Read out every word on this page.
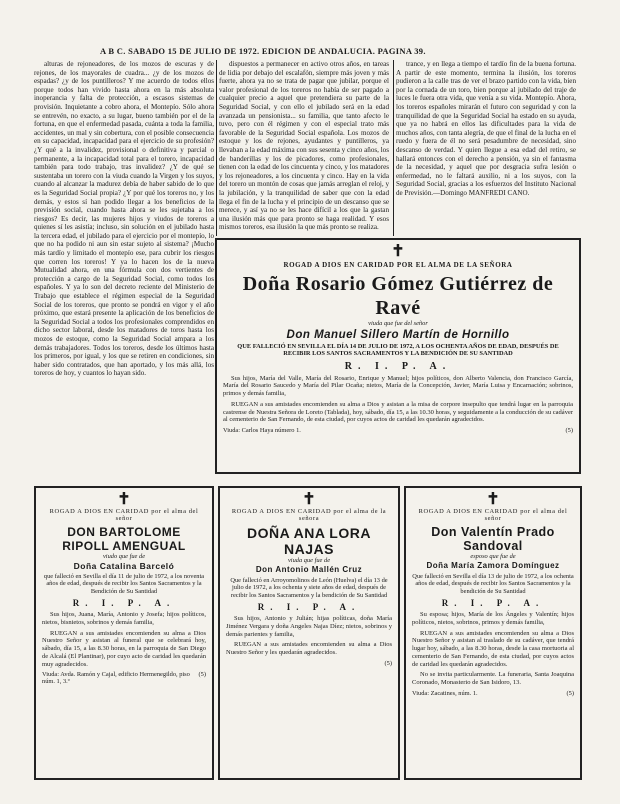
A B C. SABADO 15 DE JULIO DE 1972. EDICION DE ANDALUCIA. PAGINA 39.

alturas de rejoneadores, de los mozos de escuras y de rejones, de los mayorales de cuadra... ¿y de los mozos de espadas? ¿y de los puntilleros? Y me acuerdo de todos ellos porque todos han vivido hasta ahora en la más absoluta inoperancia y falta de protección, a escasos sistemas de provisión. Inquietante a cobro ahora, el Montepío. Sólo ahora se entrevén, no exacto, a su lugar, bueno también por el de la fortuna, en que el enfermedad pasada, cuánta a toda la familia, accidentes, un mal y sin cobertura, con el posible consecuencia en su capacidad, incapacidad para el ejercicio de su profesión? ¿Y qué a la invalidez, provisional o definitiva y parcial o permanente, a la incapacidad total para el torero, incapacidad también para todo trabajo, tras invalidez? ¿Y de qué se sustentaba un torero con la viuda cuando la Virgen y los suyos, cuando al alcanzar la madurez debía de haber sabido de lo que es la Seguridad Social propia? ¿Y por qué los toreros no, y los demás, y estos sí han podido llegar a los beneficios de la previsión social, cuando hasta ahora se les sujetaba a los riesgos? Es decir, las mujeres hijos y viudos de toreros a quienes sí les asistía; incluso, sin solución en el jubilado hasta la tercera edad, el jubilado para el ejercicio por el montepío, lo que no ha podido ni aun sin estar sujeto al sistema? ¡Mucho más tardío y limitado el montepío ese, para cubrir los riesgos que corren los toreros! Y ya lo hacen los de la nueva Mutualidad ahora, en una fórmula con dos vertientes de protección a cargo de la Seguridad Social, como todos los españoles. Y ya lo son del decreto reciente del Ministerio de Trabajo que establece el régimen especial de la Seguridad Social de los toreros, que pronto se pondrá en vigor y el año próximo, que estará presente la aplicación de los beneficios de la Seguridad Social a todos los profesionales comprendidos en dicho sector laboral, desde los matadores de toros hasta los mozos de estoque, como la Seguridad Social ampara a los demás trabajadores. Todos los toreros, desde los últimos hasta los primeros, por igual, y los que se retiren en condiciones, sin haber sido contratados, que han aportado, y los más allá, los toreros de hoy, y cuantos lo hayan sido.

dispuestos a permanecer en activo otros años, en tareas de lidia por debajo del escalafón, siempre más joven y más fuerte, ahora ya no se trata de pagar que jubilar, porque el valor profesional de los toreros no había de ser pagado a cualquier precio a aquel que pretendiera su parte de la Seguridad Social, y con ello el jubilado será en la edad avanzada un pensionista... su familia, que tanto afecto le tuvo, pero con él régimen y con el especial trato más favorable de la Seguridad Social española. Los mozos de estoque y los de rejones, ayudantes y puntilleros, ya llevaban a la edad máxima con sus sesenta y cinco años, los de banderillas y los de picadores, como profesionales, tienen con la edad de los cincuenta y cinco, y los matadores y los rejoneadores, a los cincuenta y cinco. Hay en la vida del torero un montón de cosas que jamás arreglan el reloj, y la jubilación, y la tranquilidad de saber que con la edad llega el fin de la lucha y el principio de un descanso que se merece, y así ya no se les hace difícil a los que la gastan una ilusión más que para pronto se haga realidad. Y esos mismos toreros, esa ilusión la que más pronto se realiza.

trance, y en llega a tiempo el tardío fin de la buena fortuna. A partir de este momento, termina la ilusión, los toreros pudieron a la calle tras de ver el brazo partido con la vida, bien por la cornada de un toro, bien porque al jubilado del traje de luces le fuera otra vida, que venía a su vida. Montepío. Ahora, los toreros españoles mirarán el futuro con seguridad y con la tranquilidad de que la Seguridad Social ha estado en su ayuda, que ya no habrá en ellos las dificultades para la vida de muchos años, con tanta alegría, de que el final de la lucha en el ruedo y fuera de él no será pesadumbre de necesidad, sino descanso de verdad. Y quien llegue a esa edad del retiro, se hallará entonces con el derecho a pensión, ya sin el fantasma de la necesidad, y aquel que por desgracia sufra lesión o enfermedad, no le faltará auxilio, ni a los suyos, con la Seguridad Social, gracias a los esfuerzos del Instituto Nacional de Previsión.—Domingo MANFREDI CANO.

✝

ROGAD A DIOS EN CARIDAD POR EL ALMA DE LA SEÑORA

Doña Rosario Gómez Gutiérrez de Ravé

viuda que fue del señor

Don Manuel Sillero Martín de Hornillo

QUE FALLECIÓ EN SEVILLA EL DÍA 14 DE JULIO DE 1972, A LOS OCHENTA AÑOS DE EDAD, DESPUÉS DE RECIBIR LOS SANTOS SACRAMENTOS Y LA BENDICIÓN DE SU SANTIDAD

R. I. P. A.

Sus hijos, María del Valle, María del Rosario, Enrique y Manuel; hijos políticos, don Alberto Valencia, don Francisco García, María del Rosario Saucedo y María del Pilar Ocaña; nietos, María de la Concepción, Javier, María Luisa y Encarnación; sobrinos, primos y demás familia,

RUEGAN a sus amistades encomienden su alma a Dios y asistan a la misa de corpore insepulto que tendrá lugar en la parroquia castrense de Nuestra Señora de Loreto (Tablada), hoy, sábado, día 15, a las 10.30 horas, y seguidamente a la conducción de su cadáver al cementerio de San Fernando, de esta ciudad, por cuyos actos de caridad les quedarán agradecidos.

Viuda: Carlos Haya número 1.	(5)
✝

ROGAD A DIOS EN CARIDAD por el alma del señor

DON BARTOLOME RIPOLL AMENGUAL

viudo que fue de

Doña Catalina Barceló

que falleció en Sevilla el día 11 de julio de 1972, a los noventa años de edad, después de recibir los Santos Sacramentos y la Bendición de Su Santidad

R. I. P. A.

Sus hijos, Juana, María, Antonio y Josefa; hijos políticos, nietos, bisnietos, sobrinos y demás familia,

RUEGAN a sus amistades encomienden su alma a Dios Nuestro Señor y asistan al funeral que se celebrará hoy, sábado, día 15, a las 8.30 horas, en la parroquia de San Diego de Alcalá (El Plantinar), por cuyo acto de caridad les quedarán muy agradecidos.

Viuda: Avda. Ramón y Cajal, edificio Hermenegildo, piso núm. 1, 3.º
(5)
✝

ROGAD A DIOS EN CARIDAD por el alma de la señora

DOÑA ANA LORA NAJAS

viuda que fue de

Don Antonio Mallén Cruz

Que falleció en Arroyomolinos de León (Huelva) el día 13 de julio de 1972, a los ochenta y siete años de edad, después de recibir los Santos Sacramentos y la bendición de Su Santidad

R. I. P. A.

Sus hijos, Antonio y Julián; hijas políticas, doña María Jiménez Vergara y doña Angeles Najas Díez; nietos, sobrinos y demás parientes y familia,

RUEGAN a sus amistades encomienden su alma a Dios Nuestro Señor y les quedarán agradecidos.

(5)
✝

ROGAD A DIOS EN CARIDAD por el alma del señor

Don Valentín Prado Sandoval

esposo que fue de

Doña María Zamora Domínguez

Que falleció en Sevilla el día 13 de julio de 1972, a los ochenta años de edad, después de recibir los Santos Sacramentos y la bendición de Su Santidad

R. I. P. A.

Su esposa; hijos, María de los Ángeles y Valentín; hijos políticos, nietos, sobrinos, primos y demás familia,

RUEGAN a sus amistades encomienden su alma a Dios Nuestro Señor y asistan al traslado de su cadáver, que tendrá lugar hoy, sábado, a las 8.30 horas, desde la casa mortuoria al cementerio de San Fernando, de esta ciudad, por cuyos actos de caridad les quedarán agradecidos.

No se invita particularmente. La funeraria, Santa Joaquina Coronado, Monasterio de San Isidoro, 13.

Viuda: Zacatines, núm. 1.	(5)
